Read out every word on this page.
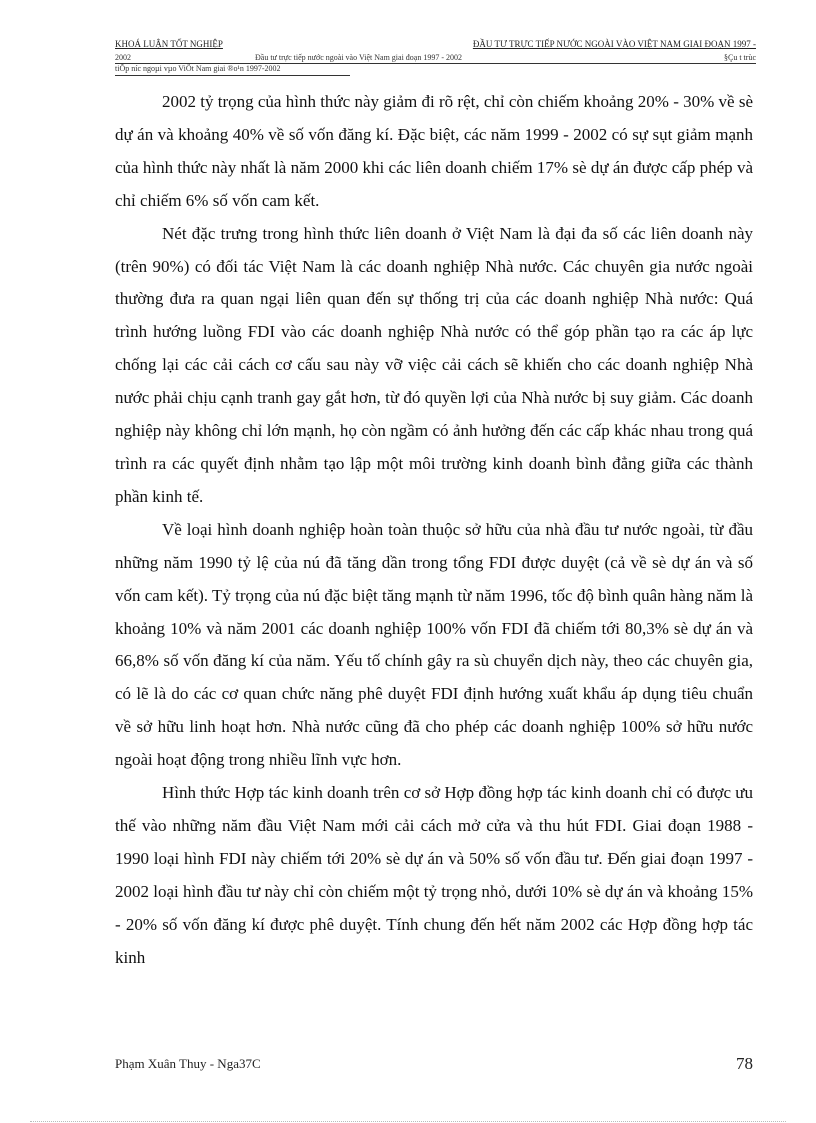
KHOÁ LUẬN TỐT NGHIỆP	ĐẦU TƯ TRỰC TIẾP NƯỚC NGOÀI VÀO VIỆT NAM GIAI ĐOẠN 1997 -
2002	Đầu tư trực tiếp nước ngoài vào Việt Nam giai đoạn 1997 - 2002	§Çu t trùc
tiÕp níc ngoµi vµo ViÖt Nam giai ®o¹n 1997-2002

2002 tỷ trọng của hình thức này giảm đi rõ rệt, chỉ còn chiếm khoảng 20% - 30% về sè dự án và khoảng 40% về số vốn đăng kí. Đặc biệt, các năm 1999 - 2002 có sự sụt giảm mạnh của hình thức này nhất là năm 2000 khi các liên doanh chiếm 17% sè dự án được cấp phép và chỉ chiếm 6% số vốn cam kết.

Nét đặc trưng trong hình thức liên doanh ở Việt Nam là đại đa số các liên doanh này (trên 90%) có đối tác Việt Nam là các doanh nghiệp Nhà nước. Các chuyên gia nước ngoài thường đưa ra quan ngại liên quan đến sự thống trị của các doanh nghiệp Nhà nước: Quá trình hướng luồng FDI vào các doanh nghiệp Nhà nước có thể góp phần tạo ra các áp lực chống lại các cải cách cơ cấu sau này vỡ việc cải cách sẽ khiến cho các doanh nghiệp Nhà nước phải chịu cạnh tranh gay gắt hơn, từ đó quyền lợi của Nhà nước bị suy giảm. Các doanh nghiệp này không chỉ lớn mạnh, họ còn ngầm có ảnh hưởng đến các cấp khác nhau trong quá trình ra các quyết định nhằm tạo lập một môi trường kinh doanh bình đẳng giữa các thành phần kinh tế.

Về loại hình doanh nghiệp hoàn toàn thuộc sở hữu của nhà đầu tư nước ngoài, từ đầu những năm 1990 tỷ lệ của nú đã tăng dần trong tổng FDI được duyệt (cả về sè dự án và số vốn cam kết). Tỷ trọng của nú đặc biệt tăng mạnh từ năm 1996, tốc độ bình quân hàng năm là khoảng 10% và năm 2001 các doanh nghiệp 100% vốn FDI đã chiếm tới 80,3% sè dự án và 66,8% số vốn đăng kí của năm. Yếu tố chính gây ra sù chuyển dịch này, theo các chuyên gia, có lẽ là do các cơ quan chức năng phê duyệt FDI định hướng xuất khẩu áp dụng tiêu chuẩn về sở hữu linh hoạt hơn. Nhà nước cũng đã cho phép các doanh nghiệp 100% sở hữu nước ngoài hoạt động trong nhiều lĩnh vực hơn.

Hình thức Hợp tác kinh doanh trên cơ sở Hợp đồng hợp tác kinh doanh chỉ có được ưu thế vào những năm đầu Việt Nam mới cải cách mở cửa và thu hút FDI. Giai đoạn 1988 - 1990 loại hình FDI này chiếm tới 20% sè dự án và 50% số vốn đầu tư. Đến giai đoạn 1997 - 2002 loại hình đầu tư này chỉ còn chiếm một tỷ trọng nhỏ, dưới 10% sè dự án và khoảng 15% - 20% số vốn đăng kí được phê duyệt. Tính chung đến hết năm 2002 các Hợp đồng hợp tác kinh

Phạm Xuân Thuy - Nga37C	78
